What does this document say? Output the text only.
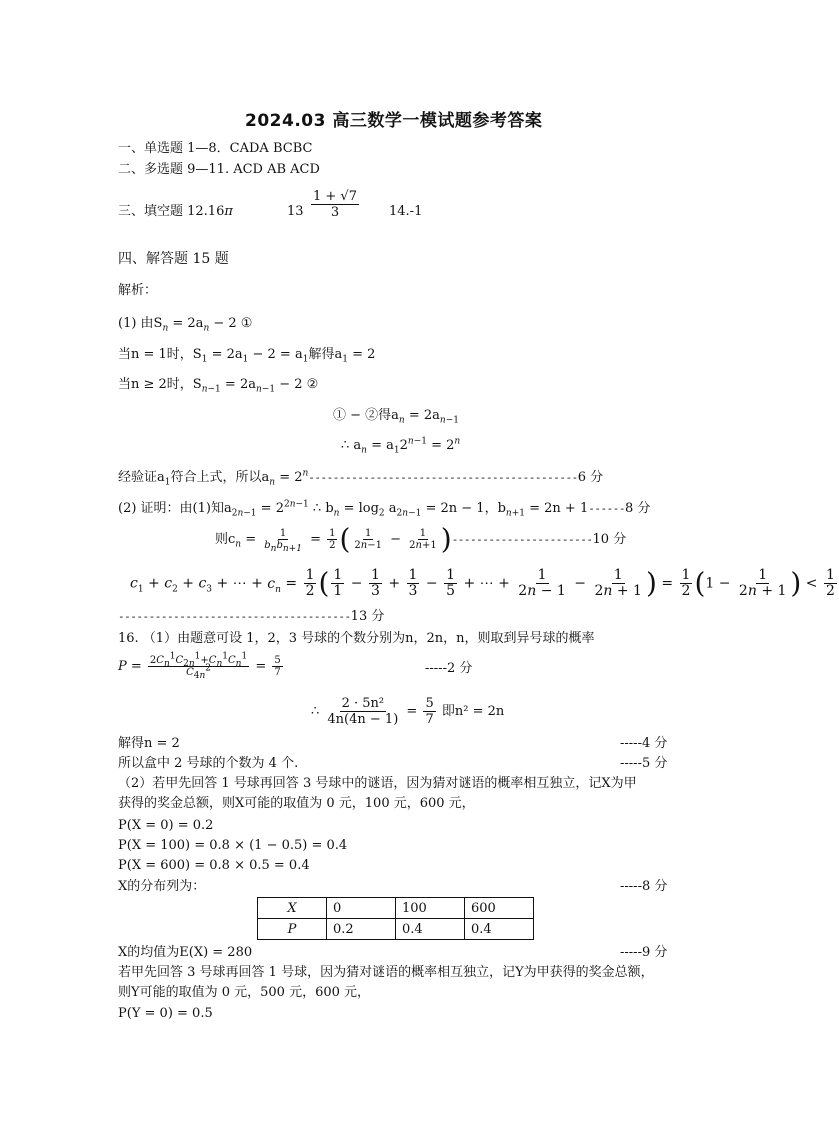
2024.03 高三数学一模试题参考答案
一、单选题 1—8．CADA BCBC
二、多选题 9—11. ACD AB ACD
三、填空题 12.16π	$13 \frac{1 + √7}{3} 14.-1$
四、解答题 15 题
解析：
(1) 由$S_n = 2a_n - 2$ ①
当n = 1时，$S_1 = 2a_1 - 2 = a_1$解得$a_1 = 2$
当n ≥ 2时，$S_{n-1} = 2a_{n-1} - 2$ ②
① − ②得$a_n = 2a_{n-1}$
∴ $a_n = a_12^{n-1} = 2^n$
经验证$a_1$符合上式，所以$a_n = 2^n--------------------------------------------6$ 分
(2) 证明：由(1)知$a_{2n-1} = 2^{2n-1}$ ∴ $b_n = \log_2 a_{2n-1} = 2n - 1$，$b_{n+1} = 2n + 1------8$ 分
则$c_n = \frac{1}{b_nb_{n+1}} = \frac{1}{2}$ ( $\frac{1}{2n-1} - \frac{1}{2n+1} )-----------------------10$ 分
$c_1 + c_2 + c_3$ + ⋯ + $c_n = \frac{1}{2}$ ( $\frac{1}{1} - \frac{1}{3} + \frac{1}{3} - \frac{1}{5}$ + ⋯ + $\frac{1}{2n - 1} - \frac{1}{2n + 1}$ ) = $\frac{1}{2} (1 - \frac{1}{2n + 1}$ ) < $\frac{1}{2}$
--------------------------------------13 分
16. （1）由题意可设 1，2，3 号球的个数分别为n，2n，n，则取到异号球的概率
$P = \frac{2C_n^1C_{2n}^1+C_n^1C_n^1}{C_{4n}^2} = \frac{5}{7}$	-----2 分
∴ $\frac{\text{2 · 5n²}}{4n(4n - 1)} = \frac{5}{7}$ 即n² = 2n
解得n = 2	-----4 分
所以盒中 2 号球的个数为 4 个.	-----5 分
（2）若甲先回答 1 号球再回答 3 号球中的谜语，因为猜对谜语的概率相互独立，记X为甲
获得的奖金总额，则X可能的取值为 0 元，100 元，600 元，
P(X = 0) = 0.2
P(X = 100) = 0.8 × (1 − 0.5) = 0.4
P(X = 600) = 0.8 × 0.5 = 0.4
X的分布列为：	-----8 分
X	0	100	600
P	0.2	0.4	0.4
X的均值为E(X) = 280	-----9 分
若甲先回答 3 号球再回答 1 号球，因为猜对谜语的概率相互独立，记Y为甲获得的奖金总额，
则Y可能的取值为 0 元，500 元，600 元，
P(Y = 0) = 0.5
